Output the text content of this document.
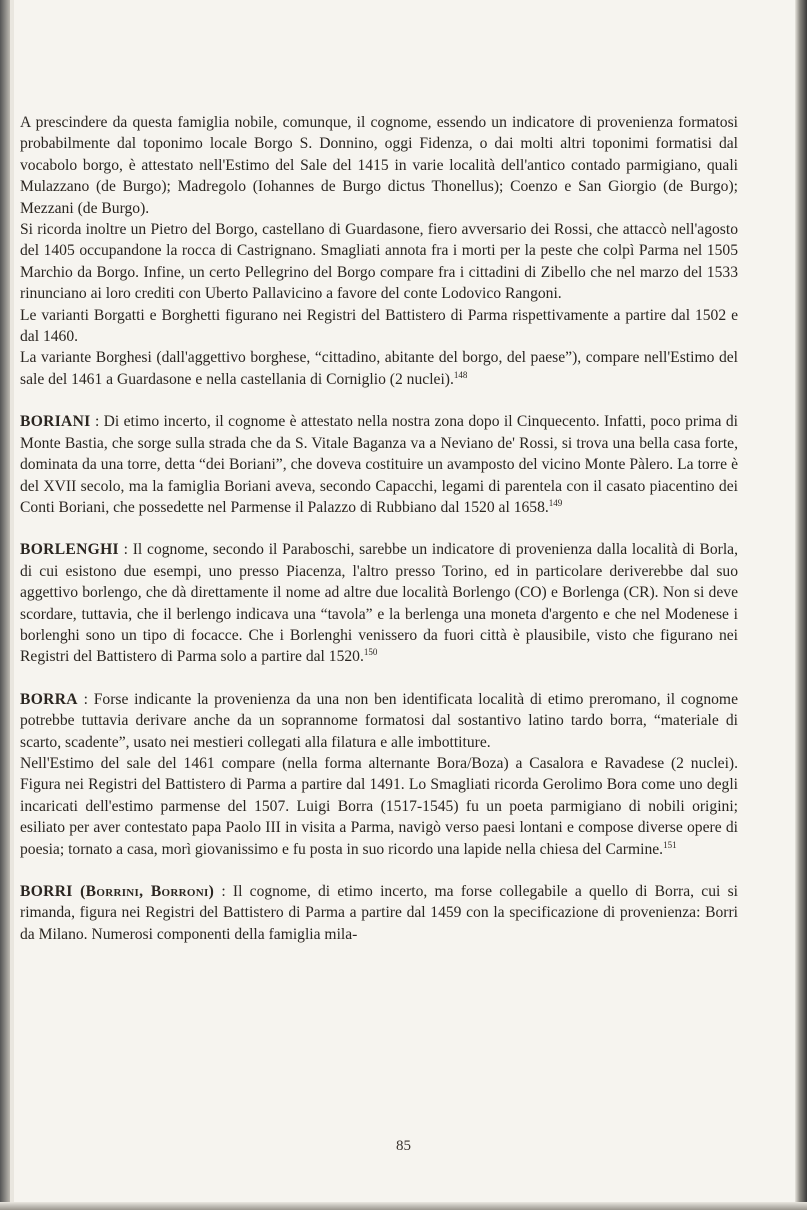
A prescindere da questa famiglia nobile, comunque, il cognome, essendo un indicatore di provenienza formatosi probabilmente dal toponimo locale Borgo S. Donnino, oggi Fidenza, o dai molti altri toponimi formatisi dal vocabolo borgo, è attestato nell'Estimo del Sale del 1415 in varie località dell'antico contado parmigiano, quali Mulazzano (de Burgo); Madregolo (Iohannes de Burgo dictus Thonellus); Coenzo e San Giorgio (de Burgo); Mezzani (de Burgo).

Si ricorda inoltre un Pietro del Borgo, castellano di Guardasone, fiero avversario dei Rossi, che attaccò nell'agosto del 1405 occupandone la rocca di Castrignano. Smagliati annota fra i morti per la peste che colpì Parma nel 1505 Marchio da Borgo. Infine, un certo Pellegrino del Borgo compare fra i cittadini di Zibello che nel marzo del 1533 rinunciano ai loro crediti con Uberto Pallavicino a favore del conte Lodovico Rangoni.

Le varianti Borgatti e Borghetti figurano nei Registri del Battistero di Parma rispettivamente a partire dal 1502 e dal 1460.

La variante Borghesi (dall'aggettivo borghese, “cittadino, abitante del borgo, del paese”), compare nell'Estimo del sale del 1461 a Guardasone e nella castellania di Corniglio (2 nuclei).$^{148}$

BORIANI : Di etimo incerto, il cognome è attestato nella nostra zona dopo il Cinquecento. Infatti, poco prima di Monte Bastia, che sorge sulla strada che da S. Vitale Baganza va a Neviano de' Rossi, si trova una bella casa forte, dominata da una torre, detta “dei Boriani”, che doveva costituire un avamposto del vicino Monte Pàlero. La torre è del XVII secolo, ma la famiglia Boriani aveva, secondo Capacchi, legami di parentela con il casato piacentino dei Conti Boriani, che possedette nel Parmense il Palazzo di Rubbiano dal 1520 al 1658.$^{149}$

BORLENGHI : Il cognome, secondo il Paraboschi, sarebbe un indicatore di provenienza dalla località di Borla, di cui esistono due esempi, uno presso Piacenza, l'altro presso Torino, ed in particolare deriverebbe dal suo aggettivo borlengo, che dà direttamente il nome ad altre due località Borlengo (CO) e Borlenga (CR). Non si deve scordare, tuttavia, che il berlengo indicava una “tavola” e la berlenga una moneta d'argento e che nel Modenese i borlenghi sono un tipo di focacce. Che i Borlenghi venissero da fuori città è plausibile, visto che figurano nei Registri del Battistero di Parma solo a partire dal 1520.$^{150}$

BORRA : Forse indicante la provenienza da una non ben identificata località di etimo preromano, il cognome potrebbe tuttavia derivare anche da un soprannome formatosi dal sostantivo latino tardo borra, “materiale di scarto, scadente”, usato nei mestieri collegati alla filatura e alle imbottiture.

Nell'Estimo del sale del 1461 compare (nella forma alternante Bora/Boza) a Casalora e Ravadese (2 nuclei). Figura nei Registri del Battistero di Parma a partire dal 1491. Lo Smagliati ricorda Gerolimo Bora come uno degli incaricati dell'estimo parmense del 1507. Luigi Borra (1517-1545) fu un poeta parmigiano di nobili origini; esiliato per aver contestato papa Paolo III in visita a Parma, navigò verso paesi lontani e compose diverse opere di poesia; tornato a casa, morì giovanissimo e fu posta in suo ricordo una lapide nella chiesa del Carmine.$^{151}$

BORRI (Borrini, Borroni) : Il cognome, di etimo incerto, ma forse collegabile a quello di Borra, cui si rimanda, figura nei Registri del Battistero di Parma a partire dal 1459 con la specificazione di provenienza: Borri da Milano. Numerosi componenti della famiglia mila-

85
